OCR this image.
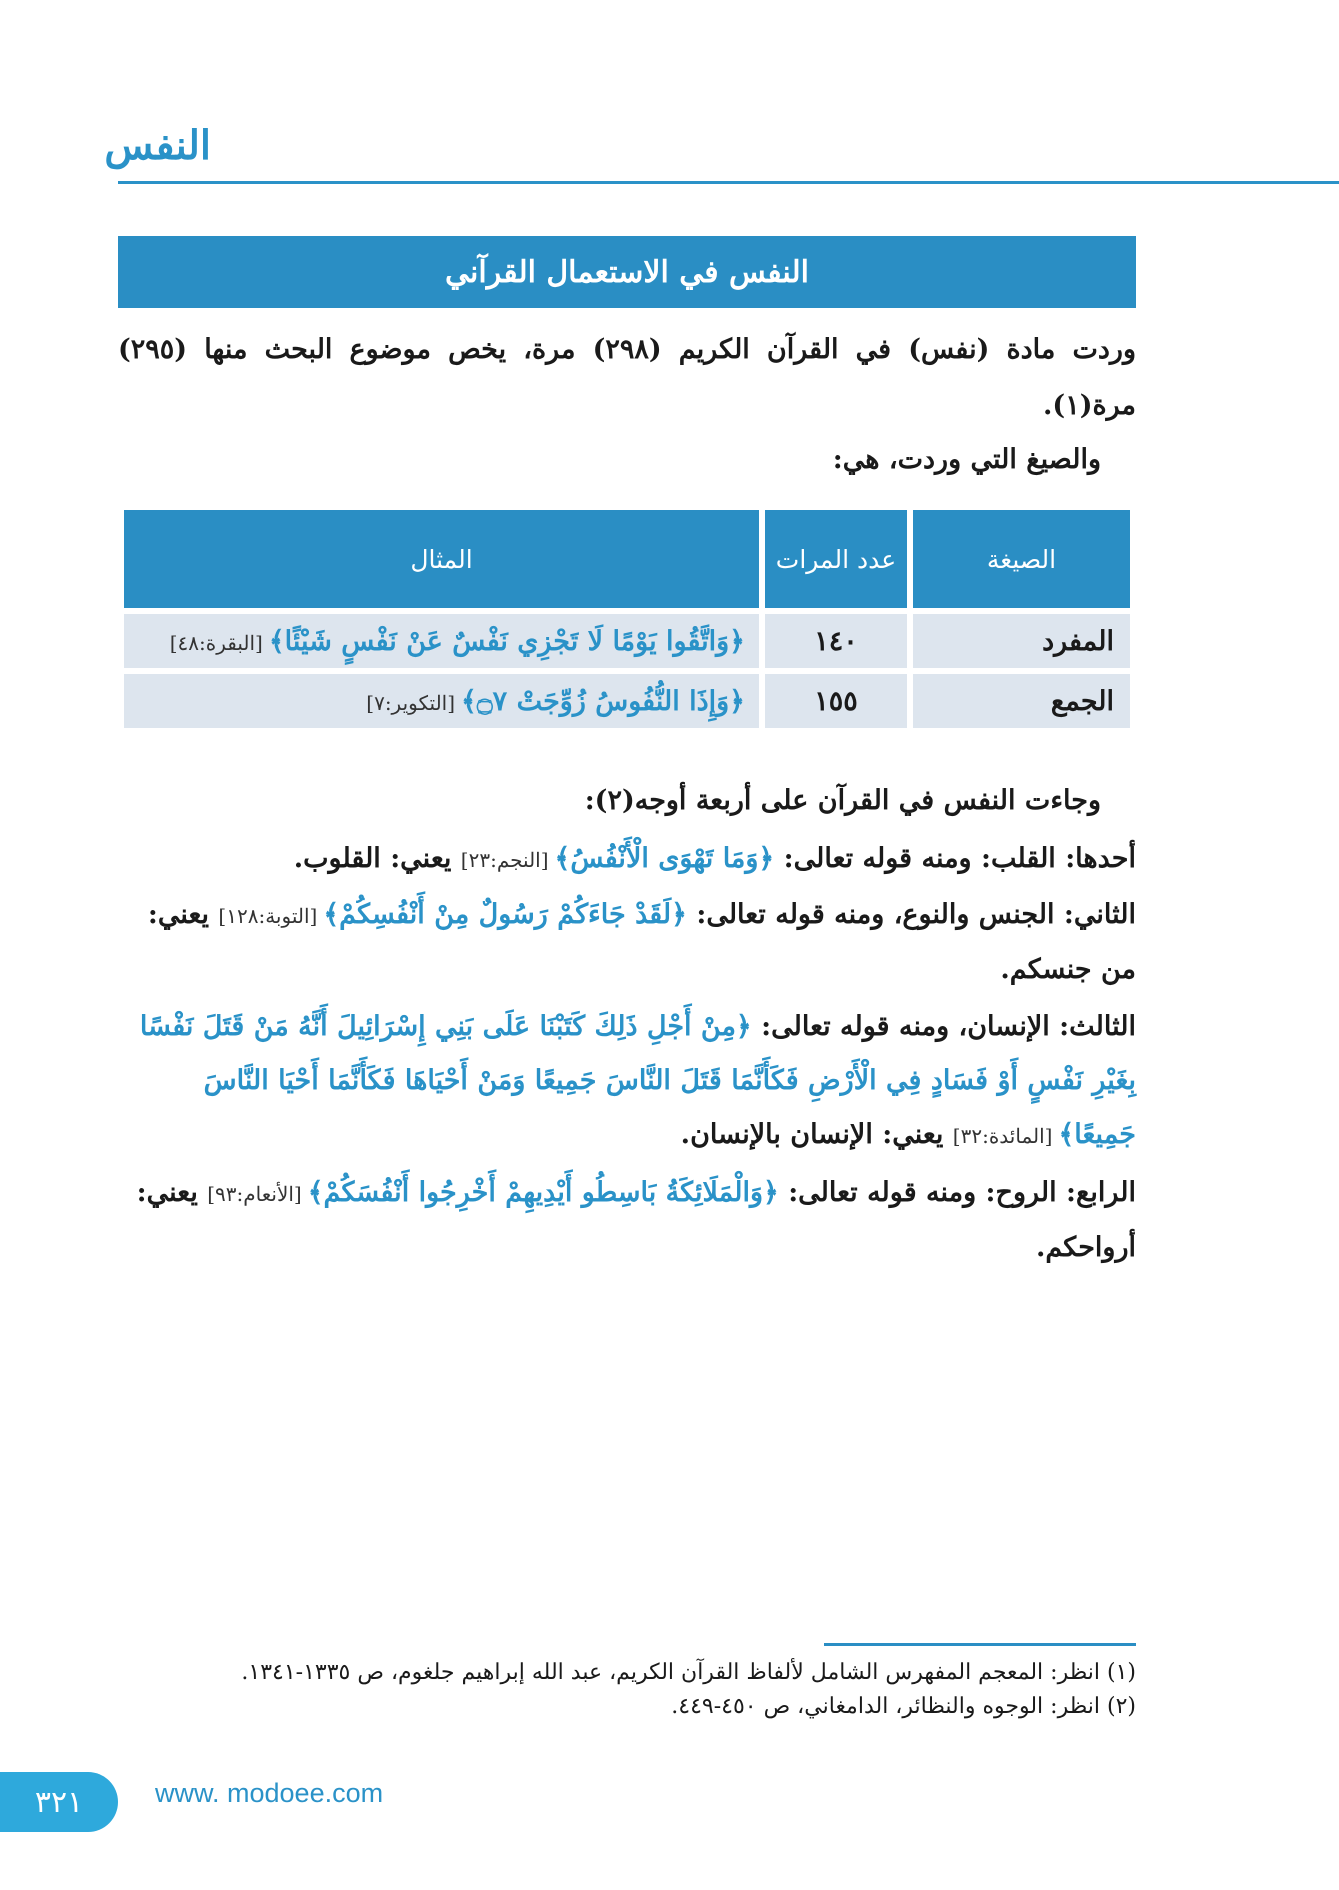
النفس
النفس في الاستعمال القرآني
وردت مادة (نفس) في القرآن الكريم (٢٩٨) مرة، يخص موضوع البحث منها (٢٩٥) مرة(١).
والصيغ التي وردت، هي:
الصيغة	عدد المرات	المثال
المفرد	١٤٠	﴿وَاتَّقُوا يَوْمًا لَا تَجْزِي نَفْسٌ عَنْ نَفْسٍ شَيْئًا﴾[البقرة:٤٨]
الجمع	١٥٥	﴿وَإِذَا النُّفُوسُ زُوِّجَتْ ۝٧﴾[التكوير:٧]
وجاءت النفس في القرآن على أربعة أوجه(٢):
أحدها: القلب: ومنه قوله تعالى: ﴿وَمَا تَهْوَى الْأَنْفُسُ﴾[النجم:٢٣] يعني: القلوب.
الثاني: الجنس والنوع، ومنه قوله تعالى: ﴿لَقَدْ جَاءَكُمْ رَسُولٌ مِنْ أَنْفُسِكُمْ﴾[التوبة:١٢٨] يعني: من جنسكم.
الثالث: الإنسان، ومنه قوله تعالى: ﴿مِنْ أَجْلِ ذَلِكَ كَتَبْنَا عَلَى بَنِي إِسْرَائِيلَ أَنَّهُ مَنْ قَتَلَ نَفْسًا بِغَيْرِ نَفْسٍ أَوْ فَسَادٍ فِي الْأَرْضِ فَكَأَنَّمَا قَتَلَ النَّاسَ جَمِيعًا وَمَنْ أَحْيَاهَا فَكَأَنَّمَا أَحْيَا النَّاسَ جَمِيعًا﴾[المائدة:٣٢] يعني: الإنسان بالإنسان.
الرابع: الروح: ومنه قوله تعالى: ﴿وَالْمَلَائِكَةُ بَاسِطُو أَيْدِيهِمْ أَخْرِجُوا أَنْفُسَكُمْ﴾[الأنعام:٩٣] يعني: أرواحكم.
(١) انظر: المعجم المفهرس الشامل لألفاظ القرآن الكريم، عبد الله إبراهيم جلغوم، ص ١٣٣٥-١٣٤١.
(٢) انظر: الوجوه والنظائر، الدامغاني، ص ٤٥٠-٤٤٩.
٣٢١	www. modoee.com
